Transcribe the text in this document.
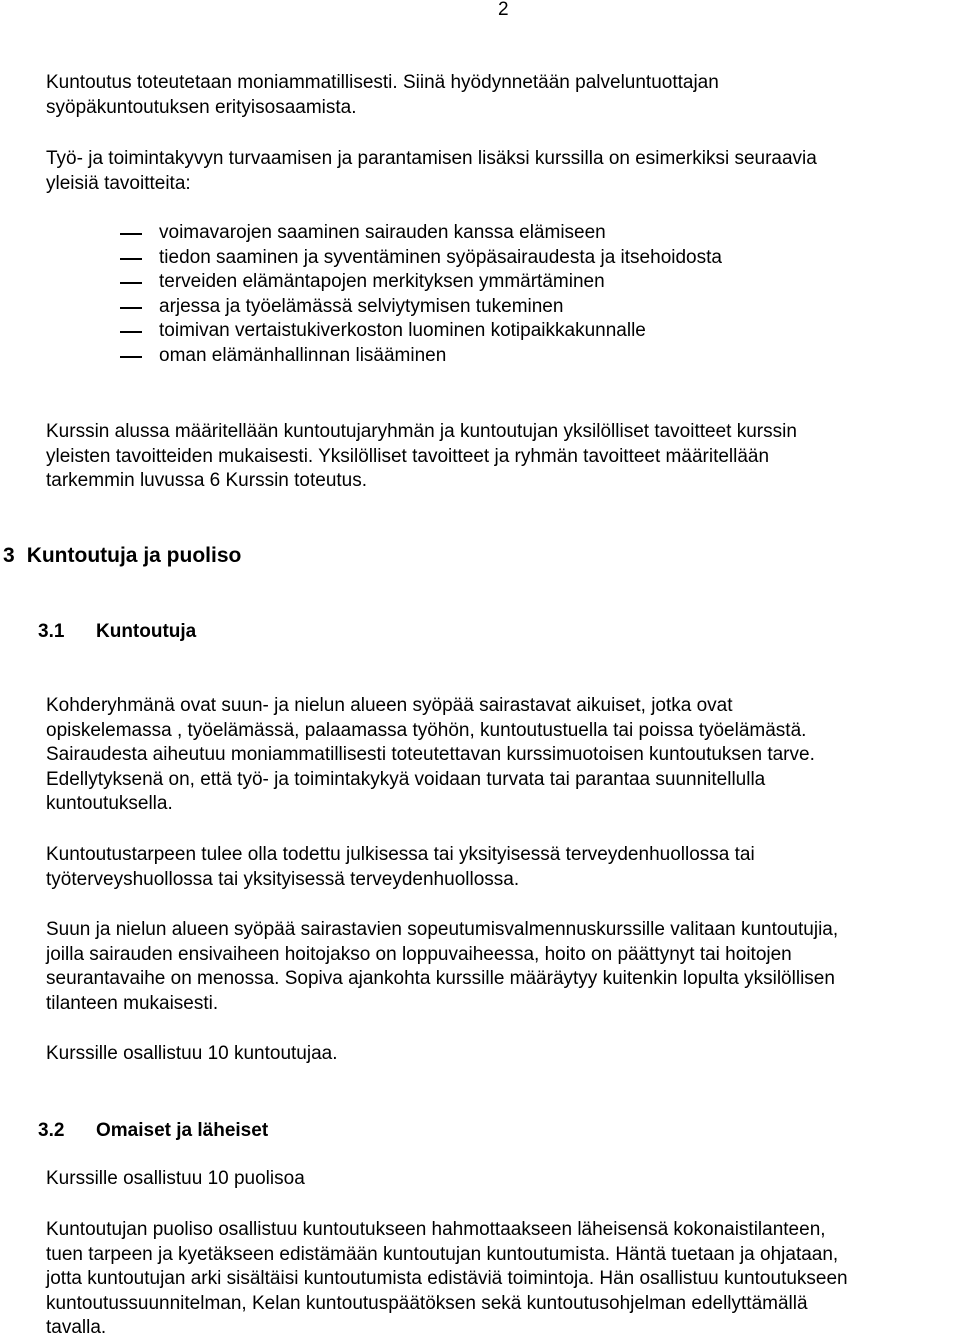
2

Kuntoutus toteutetaan moniammatillisesti. Siinä hyödynnetään palveluntuottajan
syöpäkuntoutuksen erityisosaamista.

Työ- ja toimintakyvyn turvaamisen ja parantamisen lisäksi kurssilla on esimerkiksi seuraavia
yleisiä tavoitteita:

voimavarojen saaminen sairauden kanssa elämiseen
tiedon saaminen ja syventäminen syöpäsairaudesta ja itsehoidosta
terveiden elämäntapojen merkityksen ymmärtäminen
arjessa ja työelämässä selviytymisen tukeminen
toimivan vertaistukiverkoston luominen kotipaikkakunnalle
oman elämänhallinnan lisääminen

Kurssin alussa määritellään kuntoutujaryhmän ja kuntoutujan yksilölliset tavoitteet kurssin
yleisten tavoitteiden mukaisesti. Yksilölliset tavoitteet ja ryhmän tavoitteet määritellään
tarkemmin luvussa 6 Kurssin toteutus.

3 Kuntoutuja ja puoliso
3.1 Kuntoutuja

Kohderyhmänä ovat suun- ja nielun alueen syöpää sairastavat aikuiset, jotka ovat
opiskelemassa , työelämässä, palaamassa työhön, kuntoutustuella tai poissa työelämästä.
Sairaudesta aiheutuu moniammatillisesti toteutettavan kurssimuotoisen kuntoutuksen tarve.
Edellytyksenä on, että työ- ja toimintakykyä voidaan turvata tai parantaa suunnitellulla
kuntoutuksella.

Kuntoutustarpeen tulee olla todettu julkisessa tai yksityisessä terveydenhuollossa tai
työterveyshuollossa tai yksityisessä terveydenhuollossa.

Suun ja nielun alueen syöpää sairastavien sopeutumisvalmennuskurssille valitaan kuntoutujia,
joilla sairauden ensivaiheen hoitojakso on loppuvaiheessa, hoito on päättynyt tai hoitojen
seurantavaihe on menossa. Sopiva ajankohta kurssille määräytyy kuitenkin lopulta yksilöllisen
tilanteen mukaisesti.

Kurssille osallistuu 10 kuntoutujaa.

3.2 Omaiset ja läheiset

Kurssille osallistuu 10 puolisoa

Kuntoutujan puoliso osallistuu kuntoutukseen hahmottaakseen läheisensä kokonaistilanteen,
tuen tarpeen ja kyetäkseen edistämään kuntoutujan kuntoutumista. Häntä tuetaan ja ohjataan,
jotta kuntoutujan arki sisältäisi kuntoutumista edistäviä toimintoja. Hän osallistuu kuntoutukseen
kuntoutussuunnitelman, Kelan kuntoutuspäätöksen sekä kuntoutusohjelman edellyttämällä
tavalla.
